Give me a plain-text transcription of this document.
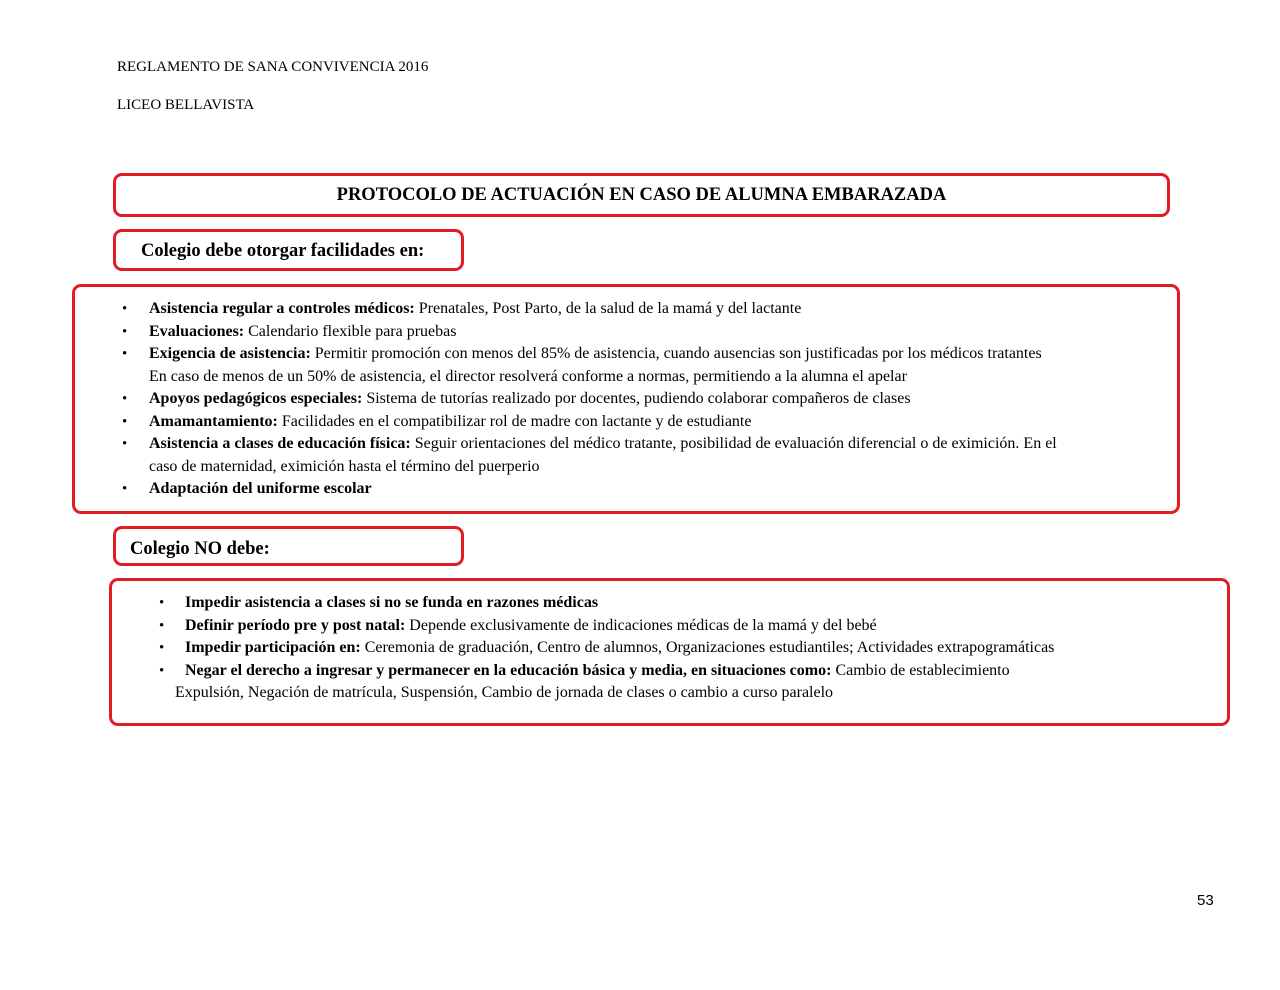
REGLAMENTO DE SANA CONVIVENCIA 2016
LICEO BELLAVISTA
PROTOCOLO DE ACTUACIÓN EN CASO DE ALUMNA EMBARAZADA
Colegio debe otorgar facilidades en:
• Asistencia regular a controles médicos: Prenatales, Post Parto, de la salud de la mamá y del lactante
• Evaluaciones: Calendario flexible para pruebas
• Exigencia de asistencia: Permitir promoción con menos del 85% de asistencia, cuando ausencias son justificadas por los médicos tratantes
En caso de menos de un 50% de asistencia, el director resolverá conforme a normas, permitiendo a la alumna el apelar
• Apoyos pedagógicos especiales: Sistema de tutorías realizado por docentes, pudiendo colaborar compañeros de clases
• Amamantamiento: Facilidades en el compatibilizar rol de madre con lactante y de estudiante
• Asistencia a clases de educación física: Seguir orientaciones del médico tratante, posibilidad de evaluación diferencial o de eximición. En el
caso de maternidad, eximición hasta el término del puerperio
• Adaptación del uniforme escolar
Colegio NO debe:
• Impedir asistencia a clases si no se funda en razones médicas
• Definir período pre y post natal: Depende exclusivamente de indicaciones médicas de la mamá y del bebé
• Impedir participación en: Ceremonia de graduación, Centro de alumnos, Organizaciones estudiantiles; Actividades extrapogramáticas
• Negar el derecho a ingresar y permanecer en la educación básica y media, en situaciones como: Cambio de establecimiento
Expulsión, Negación de matrícula, Suspensión, Cambio de jornada de clases o cambio a curso paralelo
53
